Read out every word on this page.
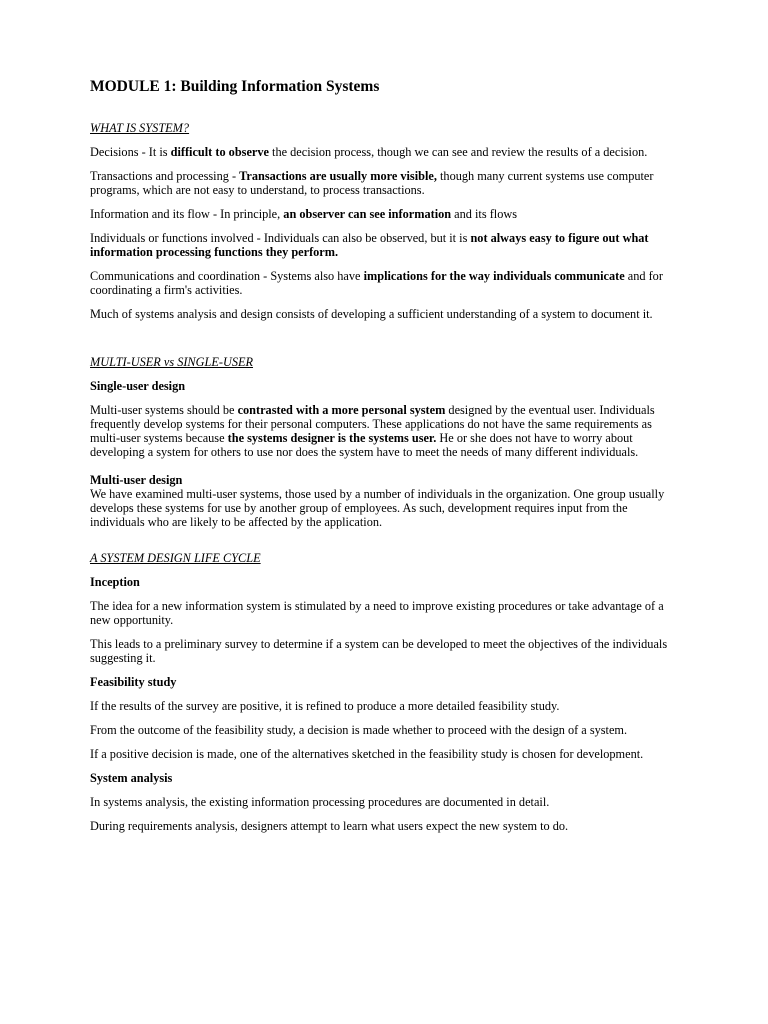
MODULE 1: Building Information Systems

WHAT IS SYSTEM?

Decisions - It is difficult to observe the decision process, though we can see and review the results of a decision.

Transactions and processing - Transactions are usually more visible, though many current systems use computer programs, which are not easy to understand, to process transactions.

Information and its flow - In principle, an observer can see information and its flows

Individuals or functions involved - Individuals can also be observed, but it is not always easy to figure out what information processing functions they perform.

Communications and coordination - Systems also have implications for the way individuals communicate and for coordinating a firm's activities.

Much of systems analysis and design consists of developing a sufficient understanding of a system to document it.

MULTI-USER vs SINGLE-USER

Single-user design

Multi-user systems should be contrasted with a more personal system designed by the eventual user. Individuals frequently develop systems for their personal computers. These applications do not have the same requirements as multi-user systems because the systems designer is the systems user. He or she does not have to worry about developing a system for others to use nor does the system have to meet the needs of many different individuals.

Multi-user design

We have examined multi-user systems, those used by a number of individuals in the organization. One group usually develops these systems for use by another group of employees. As such, development requires input from the individuals who are likely to be affected by the application.

A SYSTEM DESIGN LIFE CYCLE

Inception

The idea for a new information system is stimulated by a need to improve existing procedures or take advantage of a new opportunity.

This leads to a preliminary survey to determine if a system can be developed to meet the objectives of the individuals suggesting it.

Feasibility study

If the results of the survey are positive, it is refined to produce a more detailed feasibility study.

From the outcome of the feasibility study, a decision is made whether to proceed with the design of a system.

If a positive decision is made, one of the alternatives sketched in the feasibility study is chosen for development.

System analysis

In systems analysis, the existing information processing procedures are documented in detail.

During requirements analysis, designers attempt to learn what users expect the new system to do.
